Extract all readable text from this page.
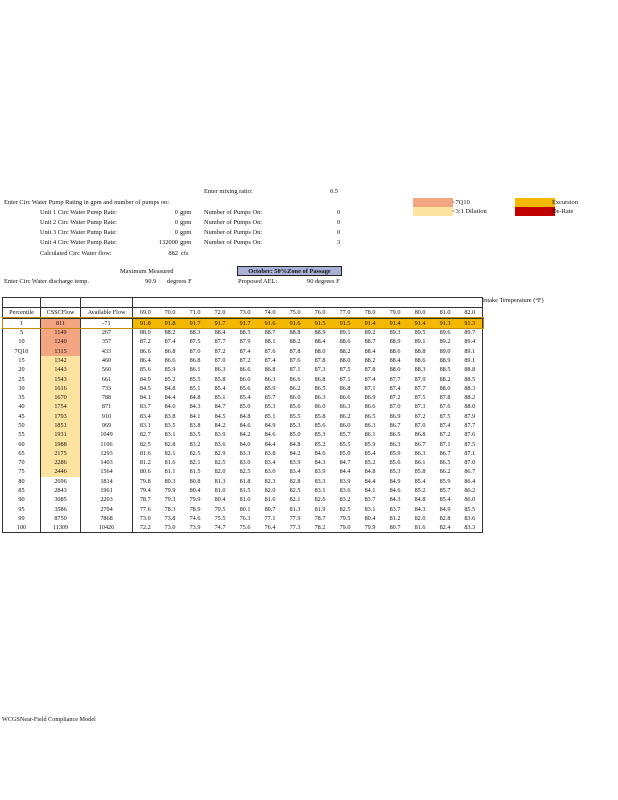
Enter mixing ratio:	0.5
Enter Circ Water Pump Rating in gpm and number of pumps on:
Unit 1 Circ Water Pump Rate:	0 gpm Number of Pumps On:	0
Unit 2 Circ Water Pump Rate:	0 gpm Number of Pumps On:	0
Unit 3 Circ Water Pump Rate:	0 gpm Number of Pumps On:	0
Unit 4 Circ Water Pump Rate:	132000 gpm Number of Pumps On:	3
Calculated Circ Water flow:	882 cfs
Maximum Measured	October: 50%Zone of Passage
Enter Circ Water discharge temp.	90.9 degrees F	Proposed AEL:	90 degrees F
<7Q10
<3:1 Dilution
Excursion
De-Rate
Intake Temperature (°F)

Percentile	CSSCFlow	Available Flow	69.0	70.0	71.0	72.0	73.0	74.0	75.0	76.0	77.0	78.0	79.0	80.0	81.0	82.0
1	811	-71	91.8	91.8	91.7	91.7	91.7	91.6	91.6	91.5	91.5	91.4	91.4	91.4	91.3	91.3
5	1149	267	88.0	88.2	88.3	88.4	88.5	88.7	88.8	88.9	89.1	89.2	89.3	89.5	89.6	89.7
10	1240	357	87.2	87.4	87.5	87.7	87.9	88.1	88.2	88.4	88.6	88.7	88.9	89.1	89.2	89.4
7Q10	1315	433	86.6	86.8	87.0	87.2	87.4	87.6	87.8	88.0	88.2	88.4	88.6	88.8	89.0	89.1
15	1342	460	86.4	86.6	86.8	87.0	87.2	87.4	87.6	87.8	88.0	88.2	88.4	88.6	88.9	89.1
20	1443	560	85.6	85.9	86.1	86.3	86.6	86.8	87.1	87.3	87.5	87.8	88.0	88.3	88.5	88.8
25	1543	661	84.9	85.2	85.5	85.8	86.0	86.3	86.6	86.8	87.1	87.4	87.7	87.9	88.2	88.5
30	1616	733	84.5	84.8	85.1	85.4	85.6	85.9	86.2	86.5	86.8	87.1	87.4	87.7	88.0	88.3
35	1670	788	84.1	84.4	84.8	85.1	85.4	85.7	86.0	86.3	86.6	86.9	87.2	87.5	87.8	88.2
40	1754	871	83.7	84.0	84.3	84.7	85.0	85.3	85.6	86.0	86.3	86.6	87.0	87.3	87.6	88.0
45	1793	910	83.4	83.8	84.1	84.5	84.8	85.1	85.5	85.8	86.2	86.5	86.9	87.2	87.5	87.9
50	1851	969	83.1	83.5	83.8	84.2	84.6	84.9	85.3	85.6	86.0	86.3	86.7	87.0	87.4	87.7
55	1931	1049	82.7	83.1	83.5	83.9	84.2	84.6	85.0	85.3	85.7	86.1	86.5	86.8	87.2	87.6
60	1988	1106	82.5	82.8	83.2	83.6	84.0	84.4	84.8	85.2	85.5	85.9	86.3	86.7	87.1	87.5
65	2175	1293	81.6	82.1	82.5	82.9	83.3	83.8	84.2	84.6	85.0	85.4	85.9	86.3	86.7	87.1
70	2286	1403	81.2	81.6	82.1	82.5	83.0	83.4	83.9	84.3	84.7	85.2	85.6	86.1	86.5	87.0
75	2446	1564	80.6	81.1	81.5	82.0	82.5	83.0	83.4	83.9	84.4	84.8	85.3	85.8	86.2	86.7
80	2696	1814	79.8	80.3	80.8	81.3	81.8	82.3	82.8	83.3	83.9	84.4	84.9	85.4	85.9	86.4
85	2843	1961	79.4	79.9	80.4	81.0	81.5	82.0	82.5	83.1	83.6	84.1	84.6	85.2	85.7	86.2
90	3085	2203	78.7	79.3	79.9	80.4	81.0	81.6	82.1	82.6	83.2	83.7	84.3	84.8	85.4	86.0
95	3586	2704	77.6	78.3	78.9	79.5	80.1	80.7	81.3	81.9	82.5	83.1	83.7	84.3	84.9	85.5
99	8750	7868	73.0	73.8	74.6	75.5	76.3	77.1	77.9	78.7	79.5	80.4	81.2	82.0	82.8	83.6
100	11309	10426	72.2	73.0	73.9	74.7	75.6	76.4	77.3	78.2	79.0	79.9	80.7	81.6	82.4	83.3
WCGSNear-Field Compliance Model
